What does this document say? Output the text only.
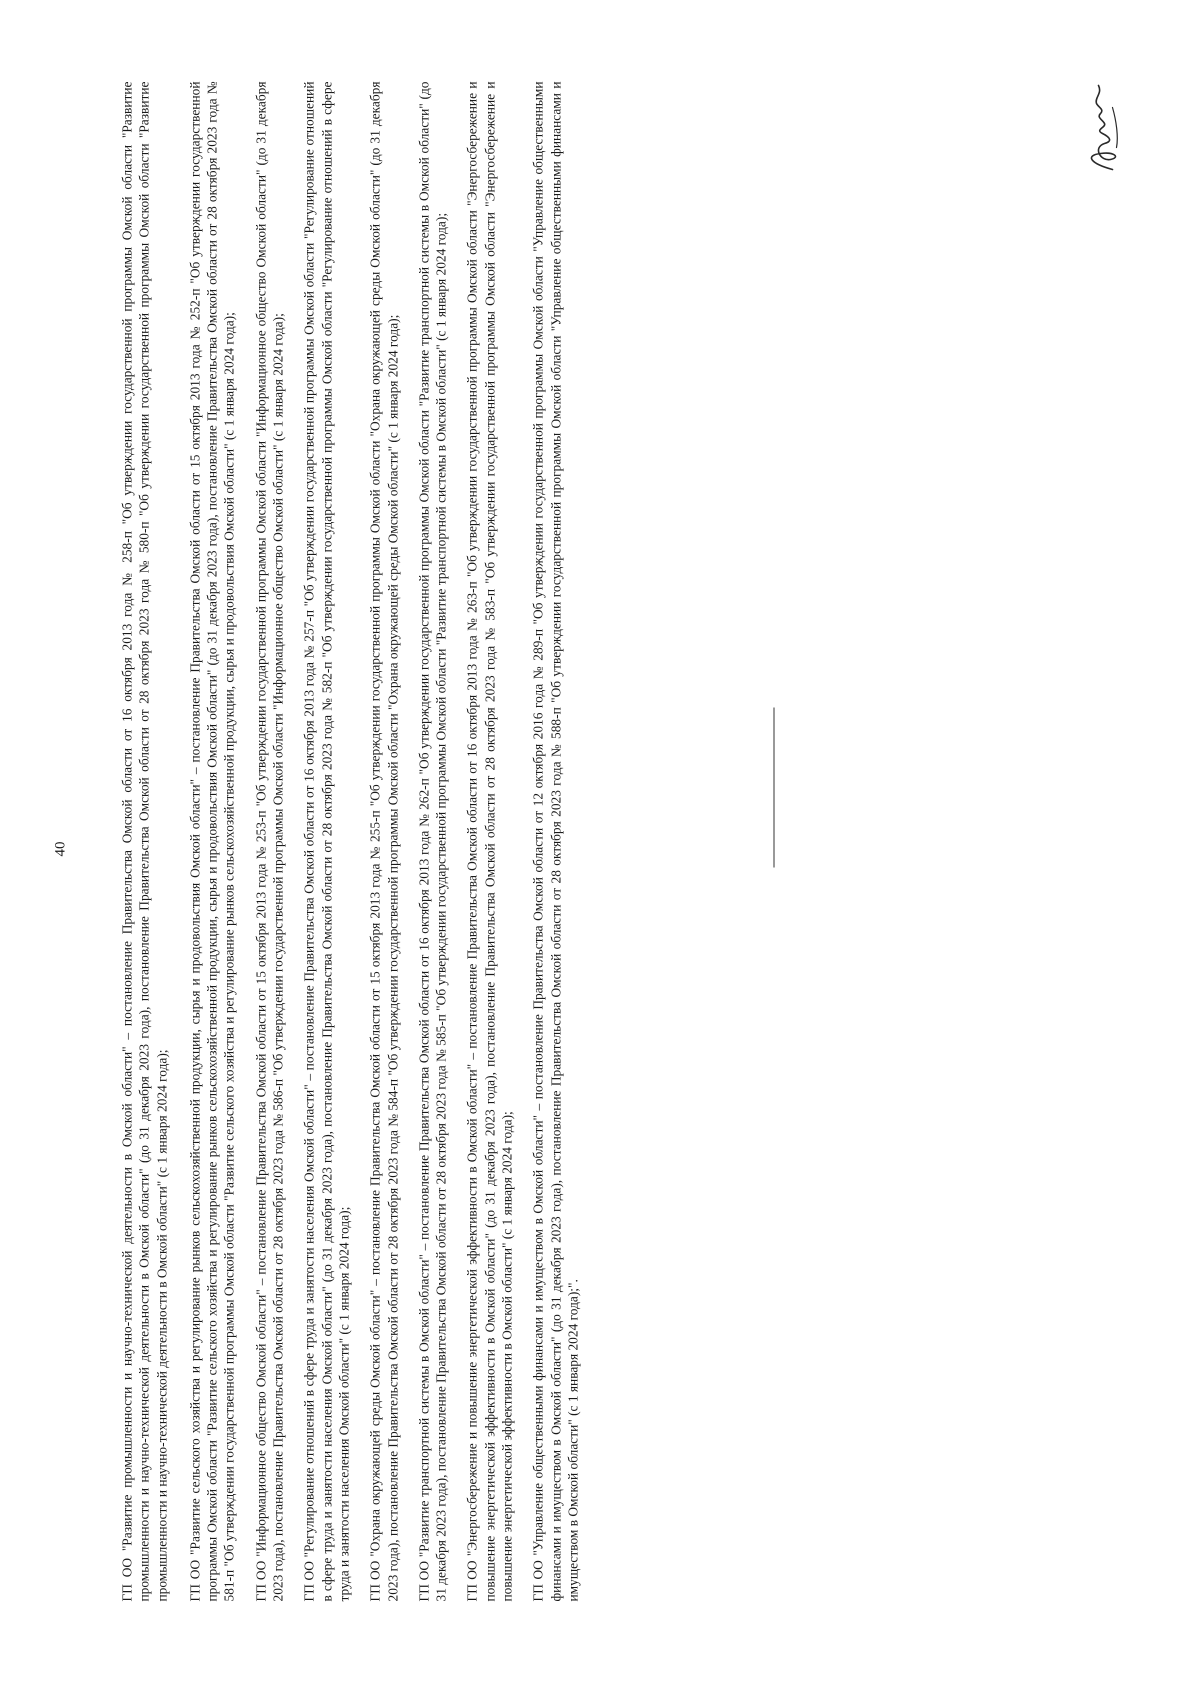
40	ГП ОО "Развитие промышленности и научно-технической деятельности в Омской области" – постановление Правительства Омской области от 16 октября 2013 года № 258-п "Об утверждении государственной программы Омской области "Развитие промышленности и научно-технической деятельности в Омской области" (до 31 декабря 2023 года), постановление Правительства Омской области от 28 октября 2023 года № 580-п "Об утверждении государственной программы Омской области "Развитие промышленности и научно-технической деятельности в Омской области" (с 1 января 2024 года); ГП ОО "Развитие сельского хозяйства и регулирование рынков сельскохозяйственной продукции, сырья и продовольствия Омской области" – постановление Правительства Омской области от 15 октября 2013 года № 252-п "Об утверждении государственной программы Омской области "Развитие сельского хозяйства и регулирование рынков сельскохозяйственной продукции, сырья и продовольствия Омской области" (до 31 декабря 2023 года), постановление Правительства Омской области от 28 октября 2023 года № 581-п "Об утверждении государственной программы Омской области "Развитие сельского хозяйства и регулирование рынков сельскохозяйственной продукции, сырья и продовольствия Омской области" (с 1 января 2024 года); ГП ОО "Информационное общество Омской области" – постановление Правительства Омской области от 15 октября 2013 года № 253-п "Об утверждении государственной программы Омской области "Информационное общество Омской области" (до 31 декабря 2023 года), постановление Правительства Омской области от 28 октября 2023 года № 586-п "Об утверждении государственной программы Омской области "Информационное общество Омской области" (с 1 января 2024 года); ГП ОО "Регулирование отношений в сфере труда и занятости населения Омской области" – постановление Правительства Омской области от 16 октября 2013 года № 257-п "Об утверждении государственной программы Омской области "Регулирование отношений в сфере труда и занятости населения Омской области" (до 31 декабря 2023 года), постановление Правительства Омской области от 28 октября 2023 года № 582-п "Об утверждении государственной программы Омской области "Регулирование отношений в сфере труда и занятости населения Омской области" (с 1 января 2024 года); ГП ОО "Охрана окружающей среды Омской области" – постановление Правительства Омской области от 15 октября 2013 года № 255-п "Об утверждении государственной программы Омской области "Охрана окружающей среды Омской области" (до 31 декабря 2023 года), постановление Правительства Омской области от 28 октября 2023 года № 584-п "Об утверждении государственной программы Омской области "Охрана окружающей среды Омской области" (с 1 января 2024 года); ГП ОО "Развитие транспортной системы в Омской области" – постановление Правительства Омской области от 16 октября 2013 года № 262-п "Об утверждении государственной программы Омской области "Развитие транспортной системы в Омской области" (до 31 декабря 2023 года), постановление Правительства Омской области от 28 октября 2023 года № 585-п "Об утверждении государственной программы Омской области "Развитие транспортной системы в Омской области" (с 1 января 2024 года); ГП ОО "Энергосбережение и повышение энергетической эффективности в Омской области" – постановление Правительства Омской области от 16 октября 2013 года № 263-п "Об утверждении государственной программы Омской области "Энергосбережение и повышение энергетической эффективности в Омской области" (до 31 декабря 2023 года), постановление Правительства Омской области от 28 октября 2023 года № 583-п "Об утверждении государственной программы Омской области "Энергосбережение и повышение энергетической эффективности в Омской области" (с 1 января 2024 года); ГП ОО "Управление общественными финансами и имуществом в Омской области" – постановление Правительства Омской области от 12 октября 2016 года № 289-п "Об утверждении государственной программы Омской области "Управление общественными финансами и имуществом в Омской области" (до 31 декабря 2023 года), постановление Правительства Омской области от 28 октября 2023 года № 588-п "Об утверждении государственной программы Омской области "Управление общественными финансами и имуществом в Омской области" (с 1 января 2024 года);".
